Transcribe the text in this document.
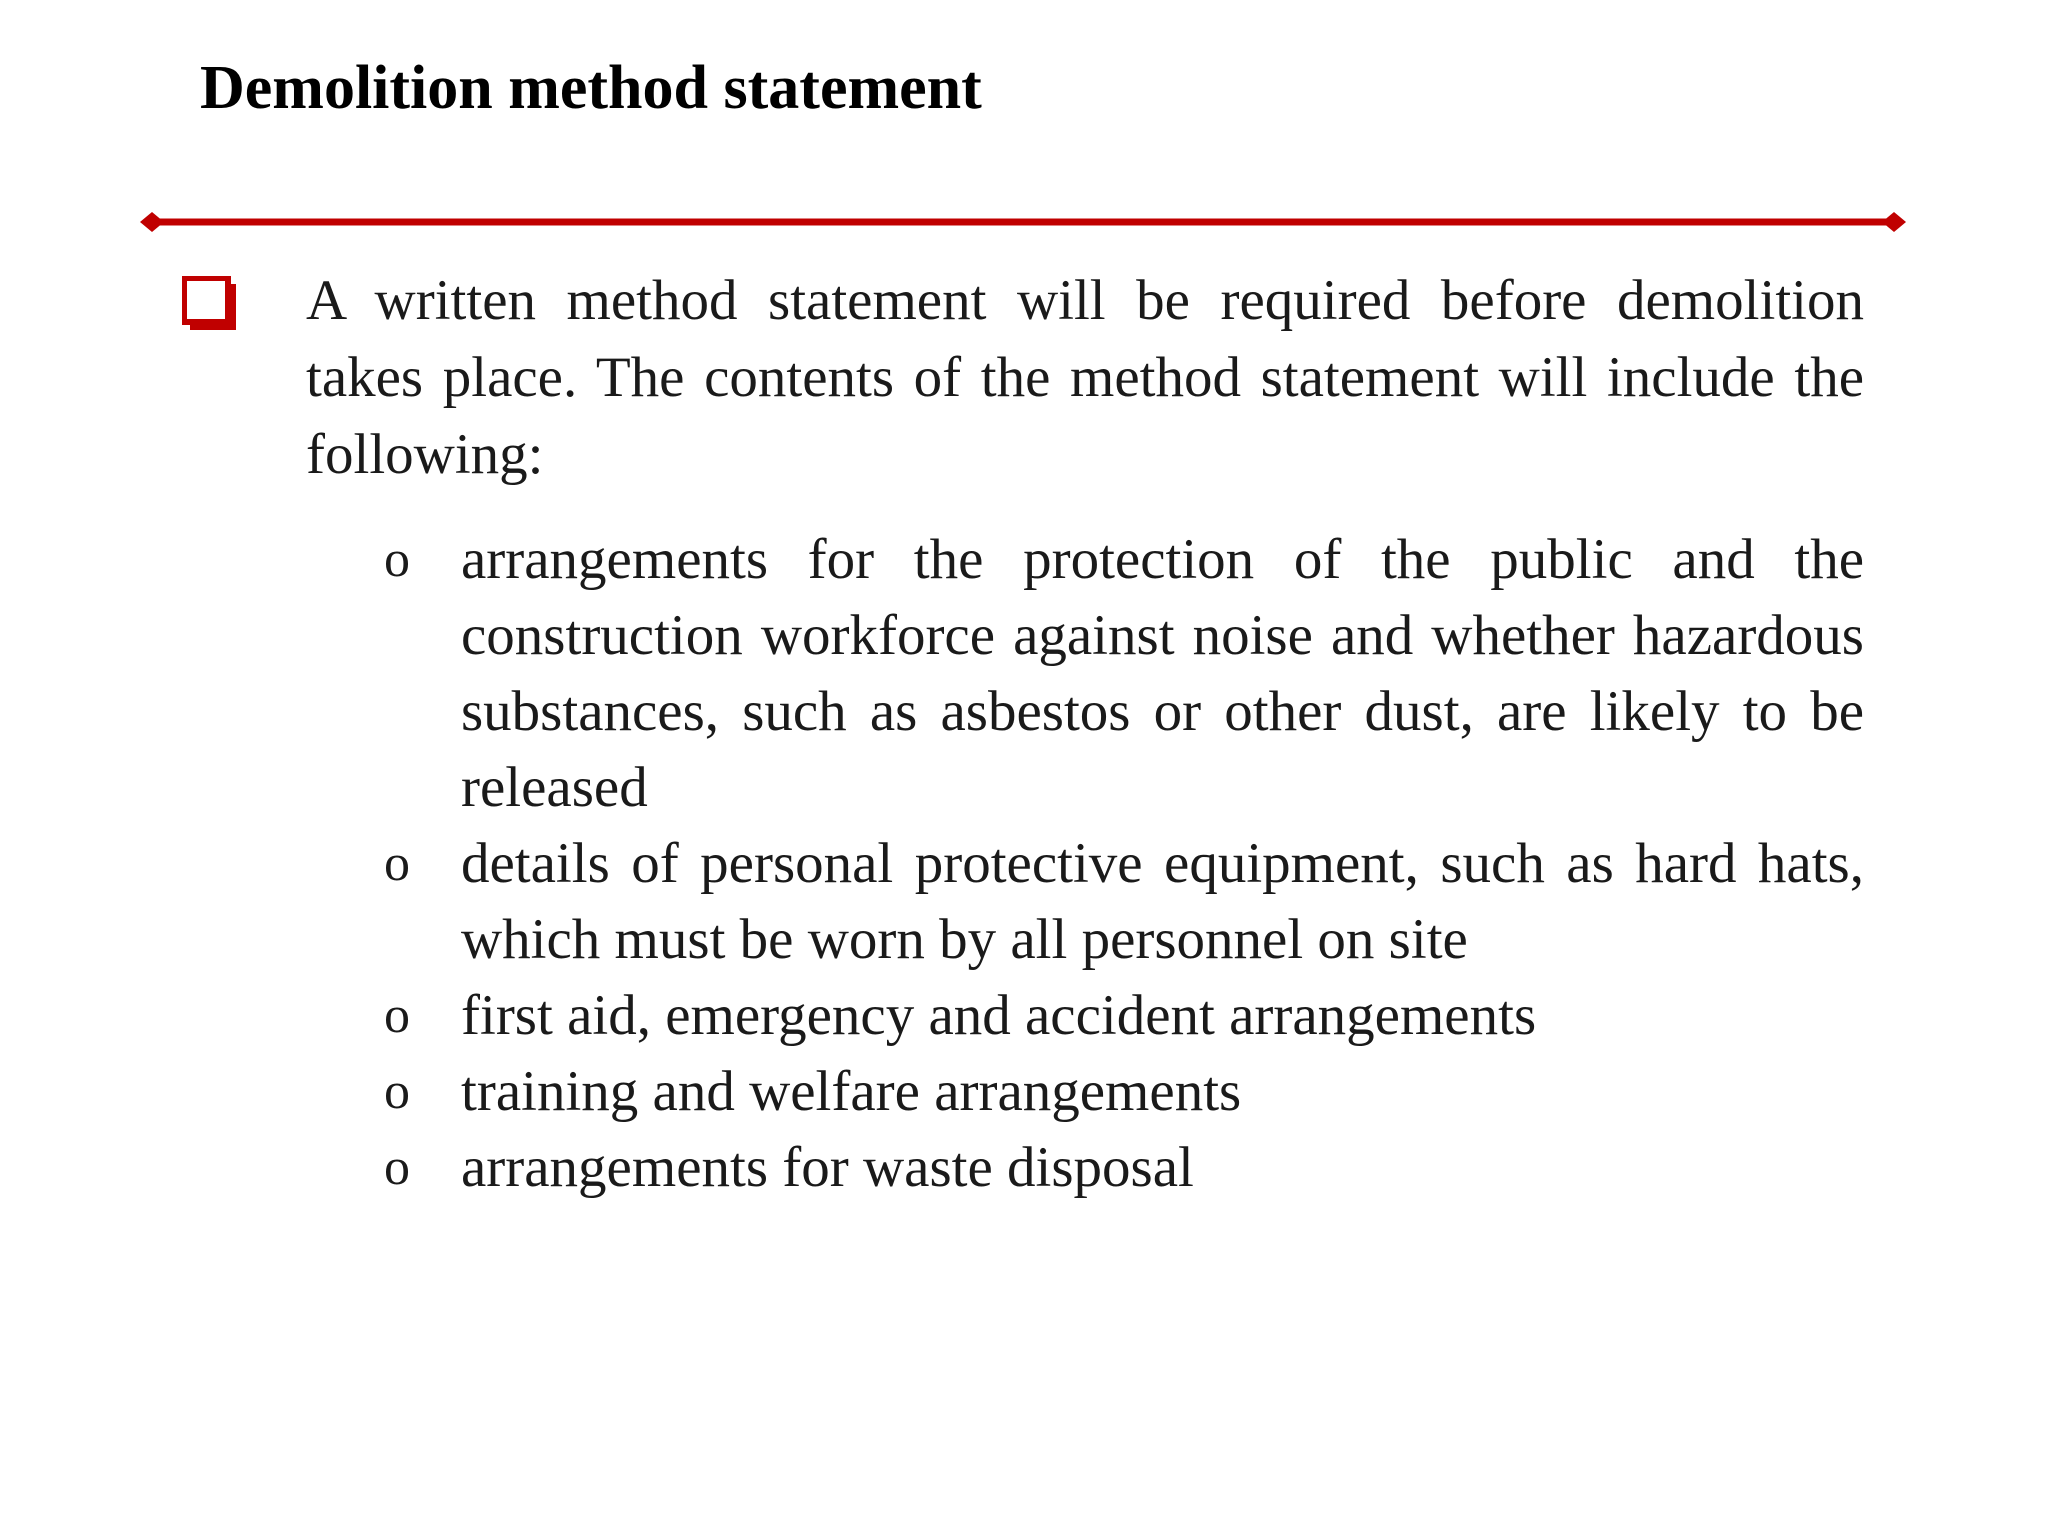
Demolition method statement

A written method statement will be required before demolition takes place. The contents of the method statement will include the following:

o arrangements for the protection of the public and the construction workforce against noise and whether hazardous substances, such as asbestos or other dust, are likely to be released
o details of personal protective equipment, such as hard hats, which must be worn by all personnel on site
o first aid, emergency and accident arrangements
o training and welfare arrangements
o arrangements for waste disposal
